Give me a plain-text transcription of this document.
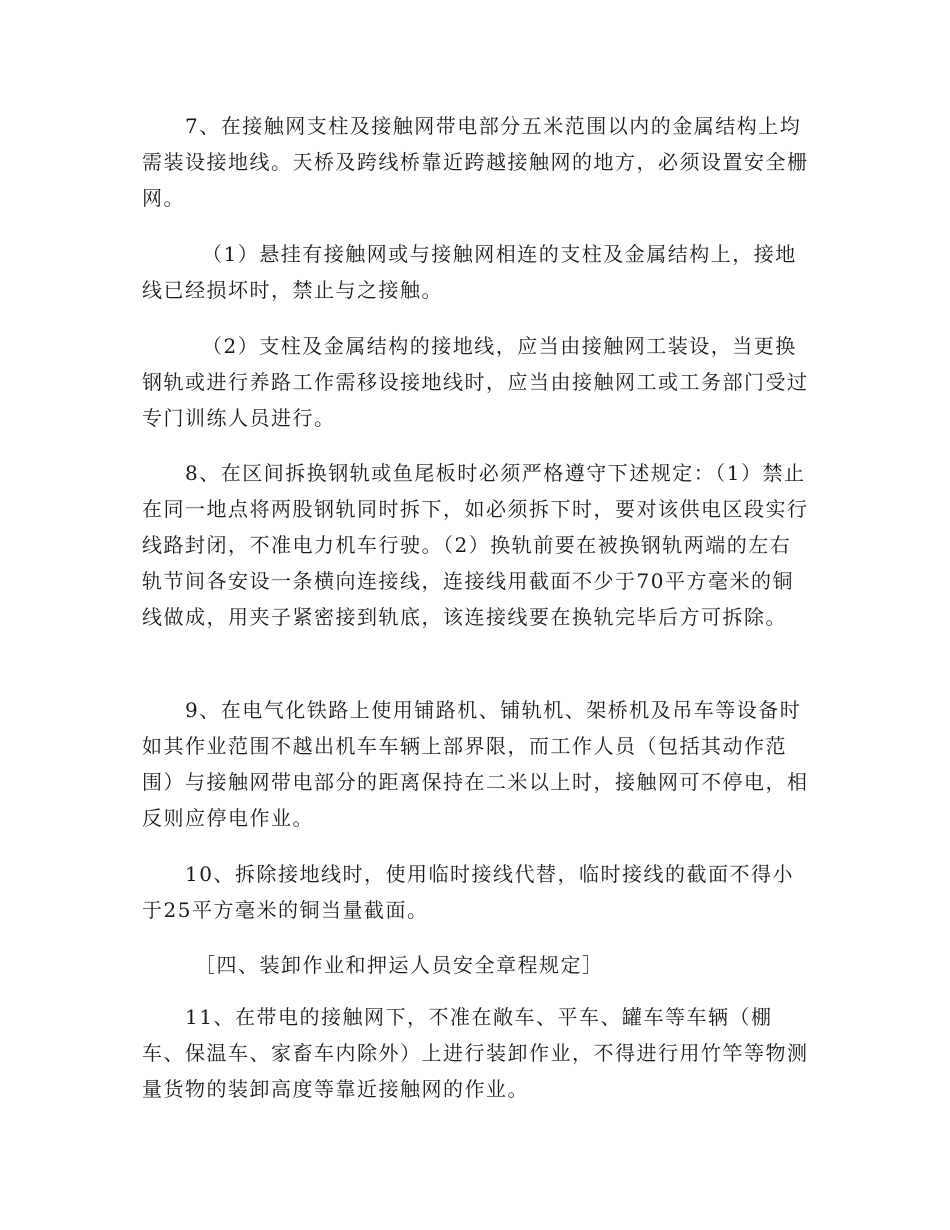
7、在接触网支柱及接触网带电部分五米范围以内的金属结构上均需装设接地线。天桥及跨线桥靠近跨越接触网的地方，必须设置安全栅网。

（1）悬挂有接触网或与接触网相连的支柱及金属结构上，接地线已经损坏时，禁止与之接触。

（2）支柱及金属结构的接地线，应当由接触网工装设，当更换钢轨或进行养路工作需移设接地线时，应当由接触网工或工务部门受过专门训练人员进行。

8、在区间拆换钢轨或鱼尾板时必须严格遵守下述规定：（1）禁止在同一地点将两股钢轨同时拆下，如必须拆下时，要对该供电区段实行线路封闭，不准电力机车行驶。（2）换轨前要在被换钢轨两端的左右轨节间各安设一条横向连接线，连接线用截面不少于70平方毫米的铜线做成，用夹子紧密接到轨底，该连接线要在换轨完毕后方可拆除。

9、在电气化铁路上使用铺路机、铺轨机、架桥机及吊车等设备时如其作业范围不越出机车车辆上部界限，而工作人员（包括其动作范围）与接触网带电部分的距离保持在二米以上时，接触网可不停电，相反则应停电作业。

10、拆除接地线时，使用临时接线代替，临时接线的截面不得小于25平方毫米的铜当量截面。

［四、装卸作业和押运人员安全章程规定］

11、在带电的接触网下，不准在敞车、平车、罐车等车辆（棚车、保温车、家畜车内除外）上进行装卸作业，不得进行用竹竿等物测量货物的装卸高度等靠近接触网的作业。
